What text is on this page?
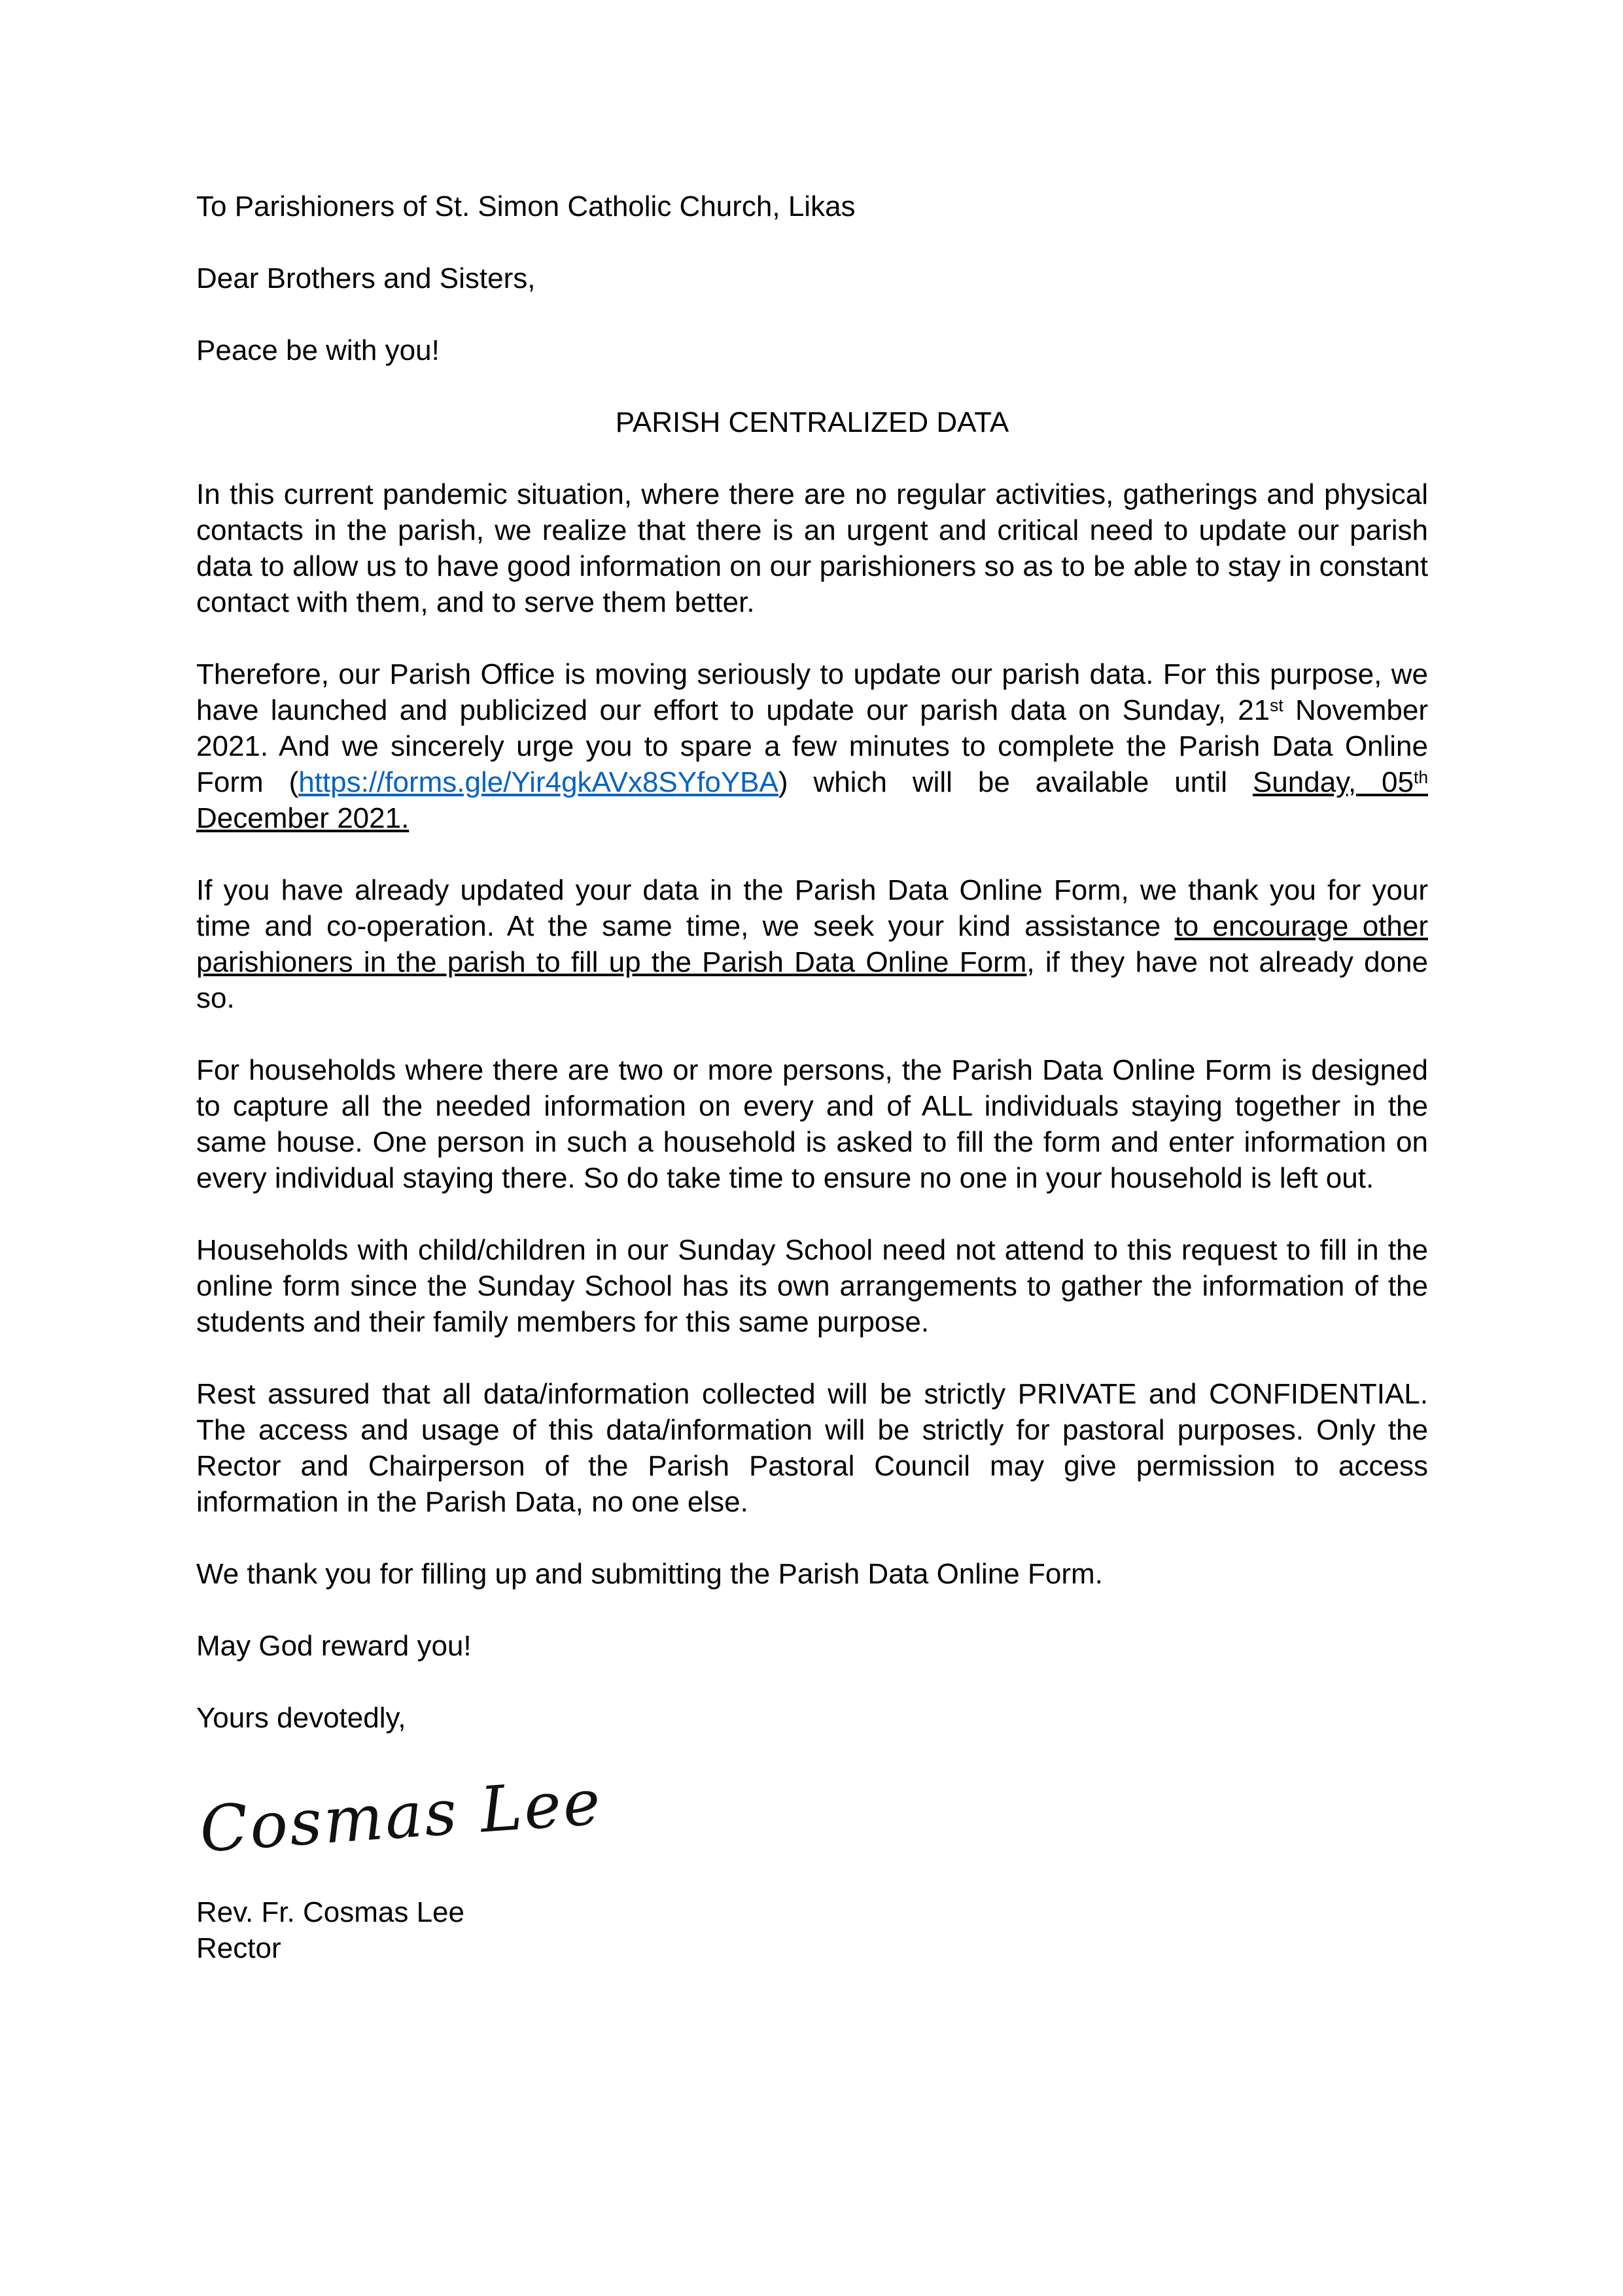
To Parishioners of St. Simon Catholic Church, Likas

Dear Brothers and Sisters,

Peace be with you!

PARISH CENTRALIZED DATA

In this current pandemic situation, where there are no regular activities, gatherings and physical contacts in the parish, we realize that there is an urgent and critical need to update our parish data to allow us to have good information on our parishioners so as to be able to stay in constant contact with them, and to serve them better.

Therefore, our Parish Office is moving seriously to update our parish data. For this purpose, we have launched and publicized our effort to update our parish data on Sunday, 21st November 2021. And we sincerely urge you to spare a few minutes to complete the Parish Data Online Form (https://forms.gle/Yir4gkAVx8SYfoYBA) which will be available until Sunday, 05th December 2021.

If you have already updated your data in the Parish Data Online Form, we thank you for your time and co-operation. At the same time, we seek your kind assistance to encourage other parishioners in the parish to fill up the Parish Data Online Form, if they have not already done so.

For households where there are two or more persons, the Parish Data Online Form is designed to capture all the needed information on every and of ALL individuals staying together in the same house. One person in such a household is asked to fill the form and enter information on every individual staying there. So do take time to ensure no one in your household is left out.

Households with child/children in our Sunday School need not attend to this request to fill in the online form since the Sunday School has its own arrangements to gather the information of the students and their family members for this same purpose.

Rest assured that all data/information collected will be strictly PRIVATE and CONFIDENTIAL. The access and usage of this data/information will be strictly for pastoral purposes. Only the Rector and Chairperson of the Parish Pastoral Council may give permission to access information in the Parish Data, no one else.

We thank you for filling up and submitting the Parish Data Online Form.

May God reward you!

Yours devotedly,

Cosmas Lee

Rev. Fr. Cosmas Lee

Rector
